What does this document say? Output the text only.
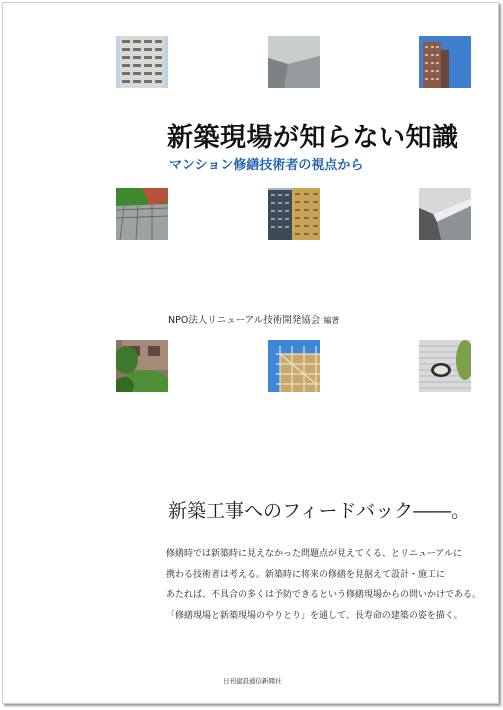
新築現場が知らない知識

マンション修繕技術者の視点から

NPO法人リニューアル技術開発協会 編著

新築工事へのフィードバック――。

修繕時では新築時に見えなかった問題点が見えてくる、とリニューアルに
携わる技術者は考える。新築時に将来の修繕を見据えて設計・施工に
あたれば、不具合の多くは予防できるという修繕現場からの問いかけである。
「修繕現場と新築現場のやりとり」を通して、長寿命の建築の姿を描く。

日刊建設通信新聞社
